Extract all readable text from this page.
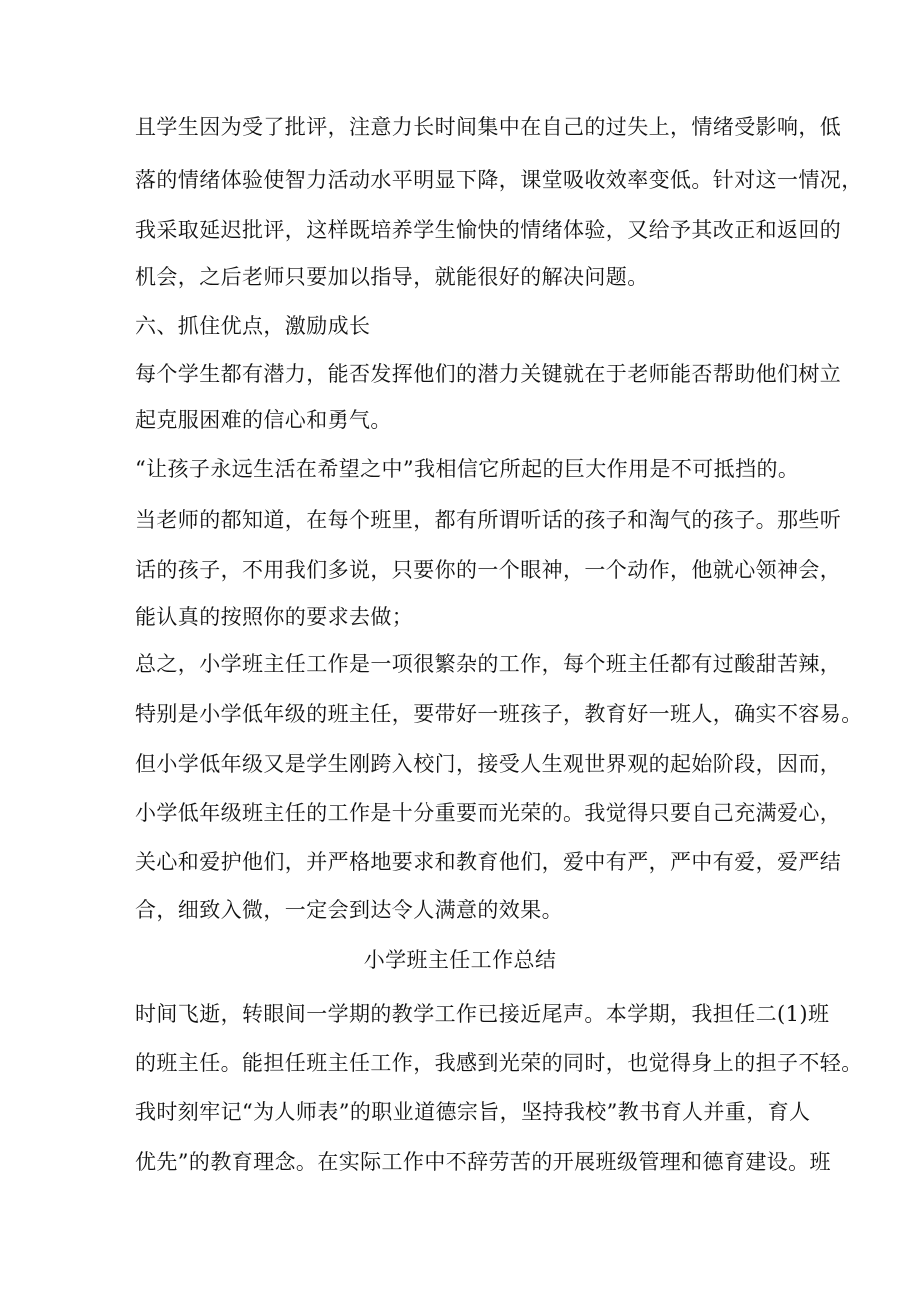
且学生因为受了批评，注意力长时间集中在自己的过失上，情绪受影响，低
落的情绪体验使智力活动水平明显下降，课堂吸收效率变低。针对这一情况，
我采取延迟批评，这样既培养学生愉快的情绪体验，又给予其改正和返回的
机会，之后老师只要加以指导，就能很好的解决问题。
六、抓住优点，激励成长
每个学生都有潜力，能否发挥他们的潜力关键就在于老师能否帮助他们树立
起克服困难的信心和勇气。
“让孩子永远生活在希望之中”我相信它所起的巨大作用是不可抵挡的。
当老师的都知道，在每个班里，都有所谓听话的孩子和淘气的孩子。那些听
话的孩子，不用我们多说，只要你的一个眼神，一个动作，他就心领神会，
能认真的按照你的要求去做；
总之，小学班主任工作是一项很繁杂的工作，每个班主任都有过酸甜苦辣，
特别是小学低年级的班主任，要带好一班孩子，教育好一班人，确实不容易。
但小学低年级又是学生刚跨入校门，接受人生观世界观的起始阶段，因而，
小学低年级班主任的工作是十分重要而光荣的。我觉得只要自己充满爱心，
关心和爱护他们，并严格地要求和教育他们，爱中有严，严中有爱，爱严结
合，细致入微，一定会到达令人满意的效果。
小学班主任工作总结
时间飞逝，转眼间一学期的教学工作已接近尾声。本学期，我担任二(1)班
的班主任。能担任班主任工作，我感到光荣的同时，也觉得身上的担子不轻。
我时刻牢记“为人师表”的职业道德宗旨，坚持我校”教书育人并重，育人
优先”的教育理念。在实际工作中不辞劳苦的开展班级管理和德育建设。班
